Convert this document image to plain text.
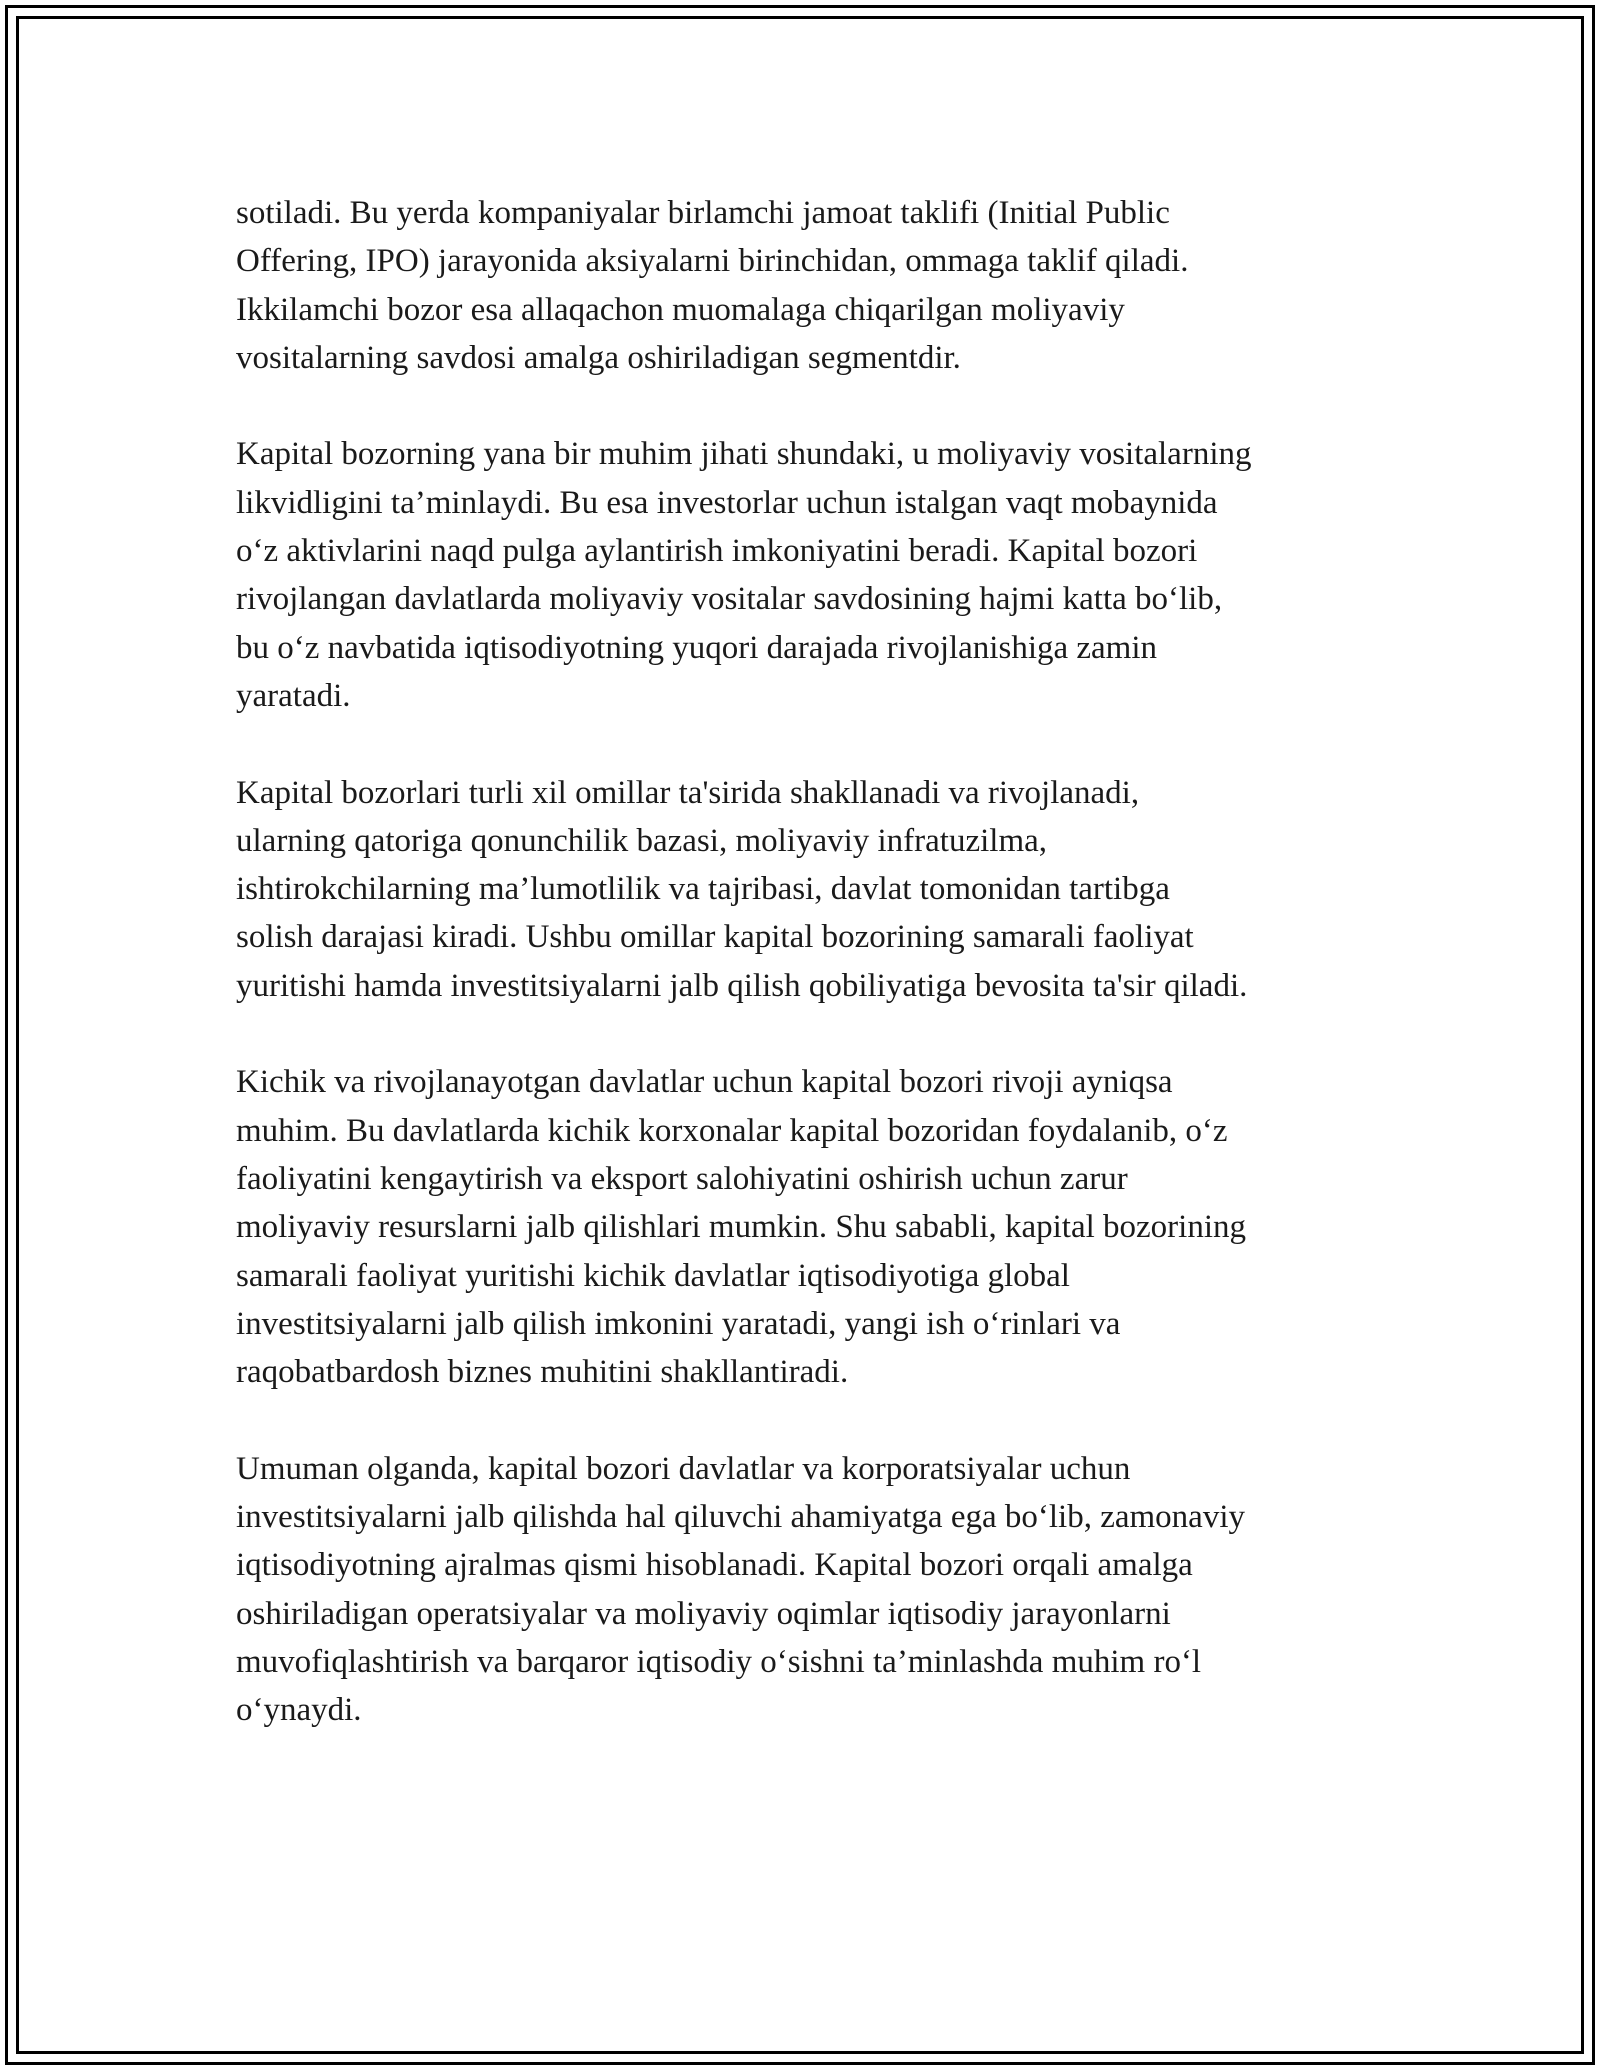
sotiladi. Bu yerda kompaniyalar birlamchi jamoat taklifi (Initial Public
Offering, IPO) jarayonida aksiyalarni birinchidan, ommaga taklif qiladi.
Ikkilamchi bozor esa allaqachon muomalaga chiqarilgan moliyaviy
vositalarning savdosi amalga oshiriladigan segmentdir.

Kapital bozorning yana bir muhim jihati shundaki, u moliyaviy vositalarning
likvidligini ta’minlaydi. Bu esa investorlar uchun istalgan vaqt mobaynida
o‘z aktivlarini naqd pulga aylantirish imkoniyatini beradi. Kapital bozori
rivojlangan davlatlarda moliyaviy vositalar savdosining hajmi katta bo‘lib,
bu o‘z navbatida iqtisodiyotning yuqori darajada rivojlanishiga zamin
yaratadi.

Kapital bozorlari turli xil omillar ta'sirida shakllanadi va rivojlanadi,
ularning qatoriga qonunchilik bazasi, moliyaviy infratuzilma,
ishtirokchilarning ma’lumotlilik va tajribasi, davlat tomonidan tartibga
solish darajasi kiradi. Ushbu omillar kapital bozorining samarali faoliyat
yuritishi hamda investitsiyalarni jalb qilish qobiliyatiga bevosita ta'sir qiladi.

Kichik va rivojlanayotgan davlatlar uchun kapital bozori rivoji ayniqsa
muhim. Bu davlatlarda kichik korxonalar kapital bozoridan foydalanib, o‘z
faoliyatini kengaytirish va eksport salohiyatini oshirish uchun zarur
moliyaviy resurslarni jalb qilishlari mumkin. Shu sababli, kapital bozorining
samarali faoliyat yuritishi kichik davlatlar iqtisodiyotiga global
investitsiyalarni jalb qilish imkonini yaratadi, yangi ish o‘rinlari va
raqobatbardosh biznes muhitini shakllantiradi.

Umuman olganda, kapital bozori davlatlar va korporatsiyalar uchun
investitsiyalarni jalb qilishda hal qiluvchi ahamiyatga ega bo‘lib, zamonaviy
iqtisodiyotning ajralmas qismi hisoblanadi. Kapital bozori orqali amalga
oshiriladigan operatsiyalar va moliyaviy oqimlar iqtisodiy jarayonlarni
muvofiqlashtirish va barqaror iqtisodiy o‘sishni ta’minlashda muhim ro‘l
o‘ynaydi.
